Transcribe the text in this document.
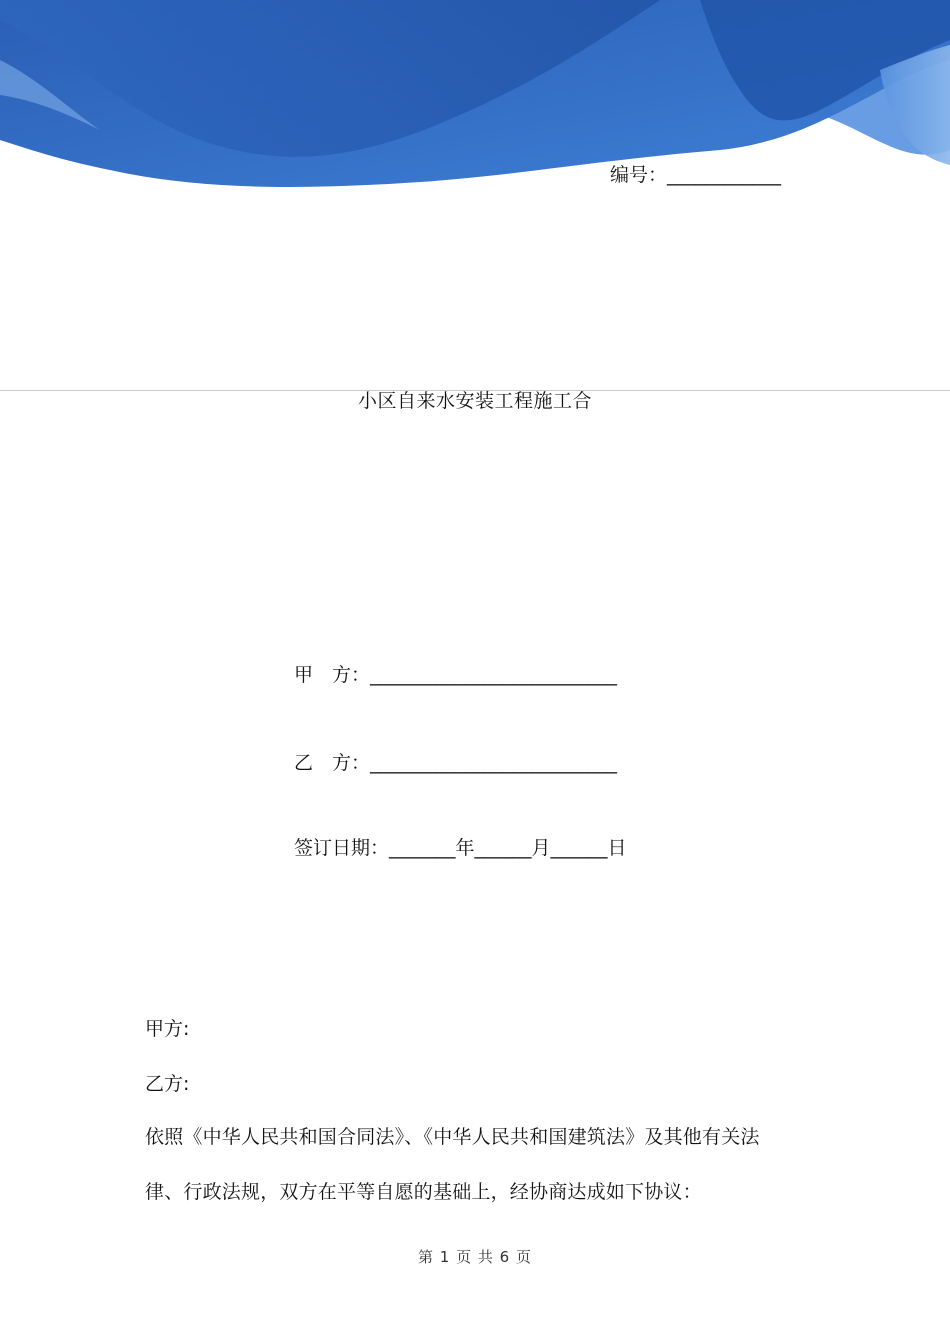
编号：____________
小区自来水安装工程施工合
甲　方：__________________________
乙　方：__________________________
签订日期：_______年______月______日
甲方:
乙方:
依照《中华人民共和国合同法》、《中华人民共和国建筑法》及其他有关法
律、行政法规，双方在平等自愿的基础上，经协商达成如下协议：
第 1 页 共 6 页
